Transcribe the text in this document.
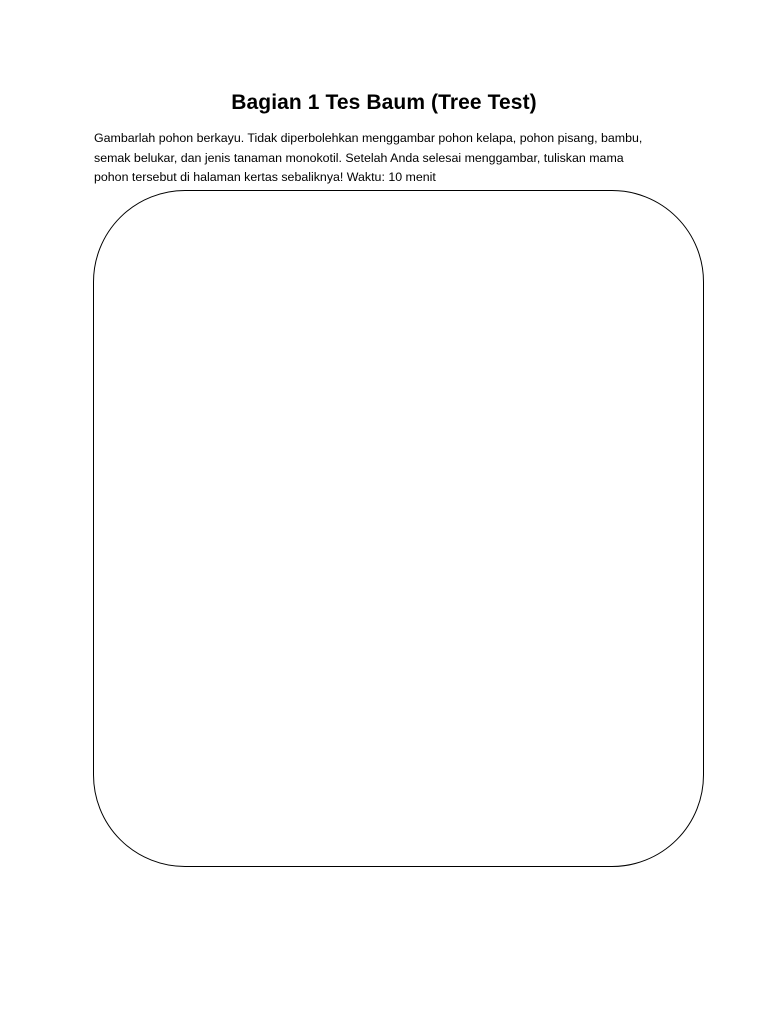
Bagian 1 Tes Baum (Tree Test)

Gambarlah pohon berkayu. Tidak diperbolehkan menggambar pohon kelapa, pohon pisang, bambu,
semak belukar, dan jenis tanaman monokotil. Setelah Anda selesai menggambar, tuliskan mama
pohon tersebut di halaman kertas sebaliknya! Waktu: 10 menit
